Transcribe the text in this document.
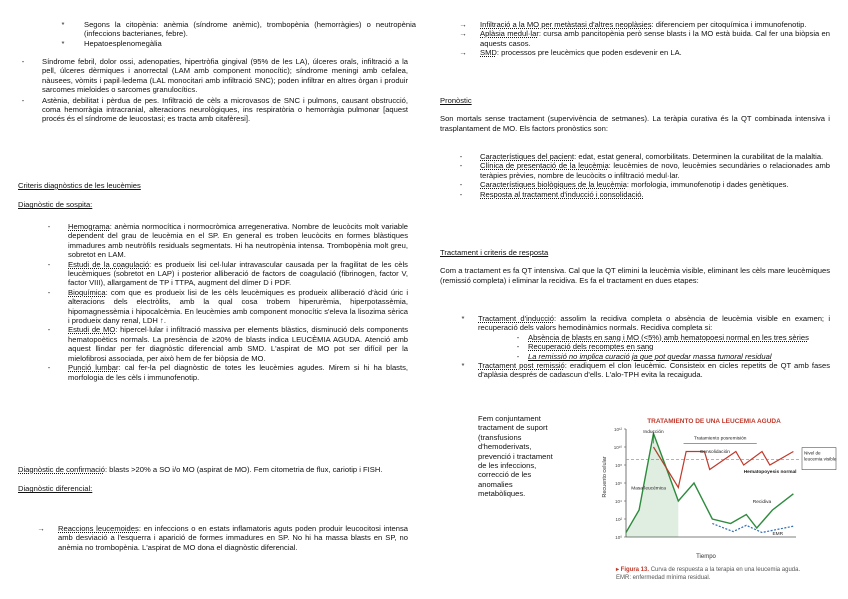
*	Segons la citopènia: anèmia (síndrome anèmic), trombopènia (hemorràgies) o neutropènia (infeccions bacterianes, febre).

*	Hepatoesplenomegàlia

-	Síndrome febril, dolor ossi, adenopaties, hipertròfia gingival (95% de les LA), úlceres orals, infiltració a la pell, úlceres dèrmiques i anorrectal (LAM amb component monocític); síndrome meningi amb cefalea, nàusees, vòmits i papil·ledema (LAL monocitari amb infiltració SNC); poden infiltrar en altres òrgan i produir sarcomes mieloides o sarcomes granulocítics.

-	Astènia, debilitat i pèrdua de pes. Infiltració de cèls a microvasos de SNC i pulmons, causant obstrucció, coma hemorràgia intracranial, alteracions neurològiques, ins respiratòria o hemorràgia pulmonar [aquest procés és el síndrome de leucostasi; es tracta amb citafèresi].

Criteris diagnòstics de les leucèmies

Diagnòstic de sospita:

-	Hemograma: anèmia normocítica i normocròmica arregenerativa. Nombre de leucòcits molt variable dependent del grau de leucèmia en el SP. En general es troben leucòcits en formes blàstiques immadures amb neutròfils residuals segmentats. Hi ha neutropènia intensa. Trombopènia molt greu, sobretot en LAM.

-	Estudi de la coagulació: es produeix lisi cel·lular intravascular causada per la fragilitat de les cèls leucèmiques (sobretot en LAP) i posterior alliberació de factors de coagulació (fibrinogen, factor V, factor VIII), allargament de TP i TTPA, augment del dímer D i PDF.

-	Bioquímica: com que es produeix lisi de les cèls leucèmiques es produeix alliberació d'àcid úric i alteracions dels electròlits, amb la qual cosa trobem hiperurèmia, hiperpotassèmia, hipomagnessèmia i hipocalcèmia. En leucèmies amb component monocític s'eleva la lisozima sèrica i produeix dany renal, LDH ↑.

-	Estudi de MO: hipercel·lular i infiltració massiva per elements blàstics, disminució dels components hematopoètics normals. La presència de ≥20% de blasts indica LEUCÈMIA AGUDA. Atenció amb aquest llindar per fer diagnòstic diferencial amb SMD. L'aspirat de MO pot ser difícil per la mielofibrosi associada, per això hem de fer biòpsia de MO.

-	Punció lumbar: cal fer-la pel diagnòstic de totes les leucèmies agudes. Mirem si hi ha blasts, morfologia de les cèls i immunofenotip.

Diagnòstic de confirmació: blasts >20% a SO i/o MO (aspirat de MO). Fem citometria de flux, cariotip i FISH.

Diagnòstic diferencial:

→	Reaccions leucemoides: en infeccions o en estats inflamatoris aguts poden produir leucocitosi intensa amb desviació a l'esquerra i aparició de formes immadures en SP. No hi ha massa blasts en SP, no anèmia no trombopènia. L'aspirat de MO dona el diagnòstic diferencial.

→	Infiltració a la MO per metàstasi d'altres neoplàsies: diferenciem per citoquímica i immunofenotip.

→	Aplàsia medul·lar: cursa amb pancitopènia però sense blasts i la MO està buida. Cal fer una biòpsia en aquests casos.

→	SMD: processos pre leucèmics que poden esdevenir en LA.

Pronòstic

Son mortals sense tractament (supervivència de setmanes). La teràpia curativa és la QT combinada intensiva i trasplantament de MO. Els factors pronòstics son:

-	Característiques del pacient: edat, estat general, comorbilitats. Determinen la curabilitat de la malaltia.

-	Clínica de presentació de la leucèmia: leucèmies de novo, leucèmies secundàries o relacionades amb teràpies prèvies, nombre de leucòcits o infiltració medul·lar.

-	Característiques biològiques de la leucèmia: morfologia, immunofenotip i dades genètiques.

-	Resposta al tractament d'inducció i consolidació.

Tractament i criteris de resposta

Com a tractament es fa QT intensiva. Cal que la QT elimini la leucèmia visible, eliminant les cèls mare leucèmiques (remissió completa) i eliminar la recidiva. Es fa el tractament en dues etapes:

*	Tractament d'inducció: assolim la recidiva completa o absència de leucèmia visible en examen; i recuperació dels valors hemodinàmics normals. Recidiva completa si:

-	Absència de blasts en sang i MO (<5%) amb hematopoesi normal en les tres sèries

-	Recuperació dels recomptes en sang

-	La remissió no implica curació ja que pot quedar massa tumoral residual

*	Tractament post remissió: eradiquem el clon leucèmic. Consisteix en cicles repetits de QT amb fases d'aplàsia després de cadascun d'ells. L'alo-TPH evita la recaiguda.

Fem conjuntament

tractament de suport

(transfusions

d'hemoderivats,

prevenció i tractament

de les infeccions,

correcció de les

anomalies

metabòliques.

TRATAMIENTO DE UNA LEUCEMIA AGUDA
Recuento celular
Tiempo
10¹²
10¹⁰
10⁸
10⁶
10⁴
10²
10⁰
Nivel de
leucemia visible
Inducción
Tratamiento posremisión
Consolidación
Recidiva
Masa leucémica
Hematopoyesis normal
EMR
▸ Figura 13. Curva de respuesta a la terapia en una leucemia aguda.
EMR: enfermedad mínima residual.
